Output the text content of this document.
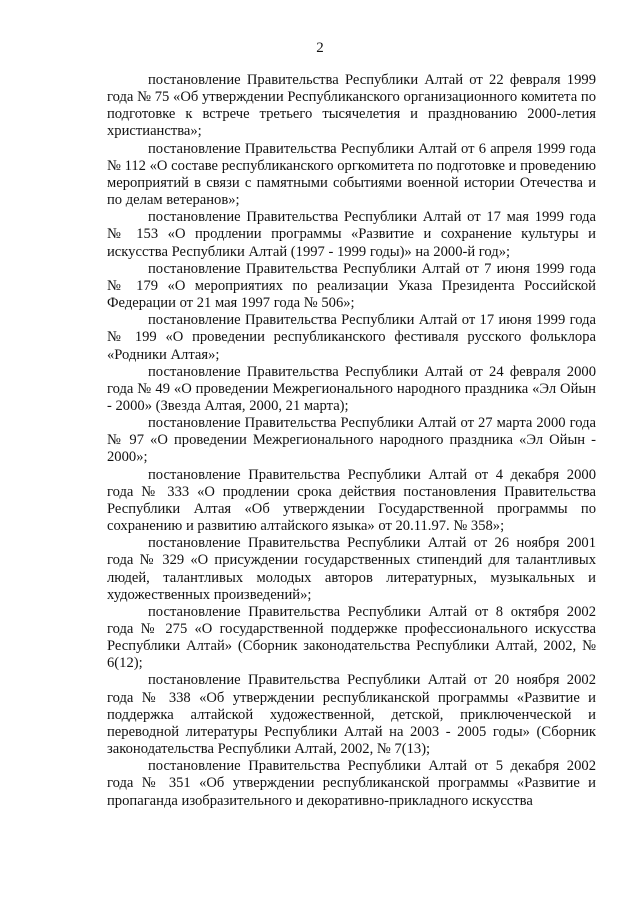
2

постановление Правительства Республики Алтай от 22 февраля 1999 года № 75 «Об утверждении Республиканского организационного комитета по подготовке к встрече третьего тысячелетия и празднованию 2000-летия христианства»;

постановление Правительства Республики Алтай от 6 апреля 1999 года № 112 «О составе республиканского оргкомитета по подготовке и проведению мероприятий в связи с памятными событиями военной истории Отечества и по делам ветеранов»;

постановление Правительства Республики Алтай от 17 мая 1999 года № 153 «О продлении программы «Развитие и сохранение культуры и искусства Республики Алтай (1997 - 1999 годы)» на 2000-й год»;

постановление Правительства Республики Алтай от 7 июня 1999 года № 179 «О мероприятиях по реализации Указа Президента Российской Федерации от 21 мая 1997 года № 506»;

постановление Правительства Республики Алтай от 17 июня 1999 года № 199 «О проведении республиканского фестиваля русского фольклора «Родники Алтая»;

постановление Правительства Республики Алтай от 24 февраля 2000 года № 49 «О проведении Межрегионального народного праздника «Эл Ойын - 2000» (Звезда Алтая, 2000, 21 марта);

постановление Правительства Республики Алтай от 27 марта 2000 года № 97 «О проведении Межрегионального народного праздника «Эл Ойын - 2000»;

постановление Правительства Республики Алтай от 4 декабря 2000 года № 333 «О продлении срока действия постановления Правительства Республики Алтая «Об утверждении Государственной программы по сохранению и развитию алтайского языка» от 20.11.97. № 358»;

постановление Правительства Республики Алтай от 26 ноября 2001 года № 329 «О присуждении государственных стипендий для талантливых людей, талантливых молодых авторов литературных, музыкальных и художественных произведений»;

постановление Правительства Республики Алтай от 8 октября 2002 года № 275 «О государственной поддержке профессионального искусства Республики Алтай» (Сборник законодательства Республики Алтай, 2002, № 6(12);

постановление Правительства Республики Алтай от 20 ноября 2002 года № 338 «Об утверждении республиканской программы «Развитие и поддержка алтайской художественной, детской, приключенческой и переводной литературы Республики Алтай на 2003 - 2005 годы» (Сборник законодательства Республики Алтай, 2002, № 7(13);

постановление Правительства Республики Алтай от 5 декабря 2002 года № 351 «Об утверждении республиканской программы «Развитие и пропаганда изобразительного и декоративно-прикладного искусства
